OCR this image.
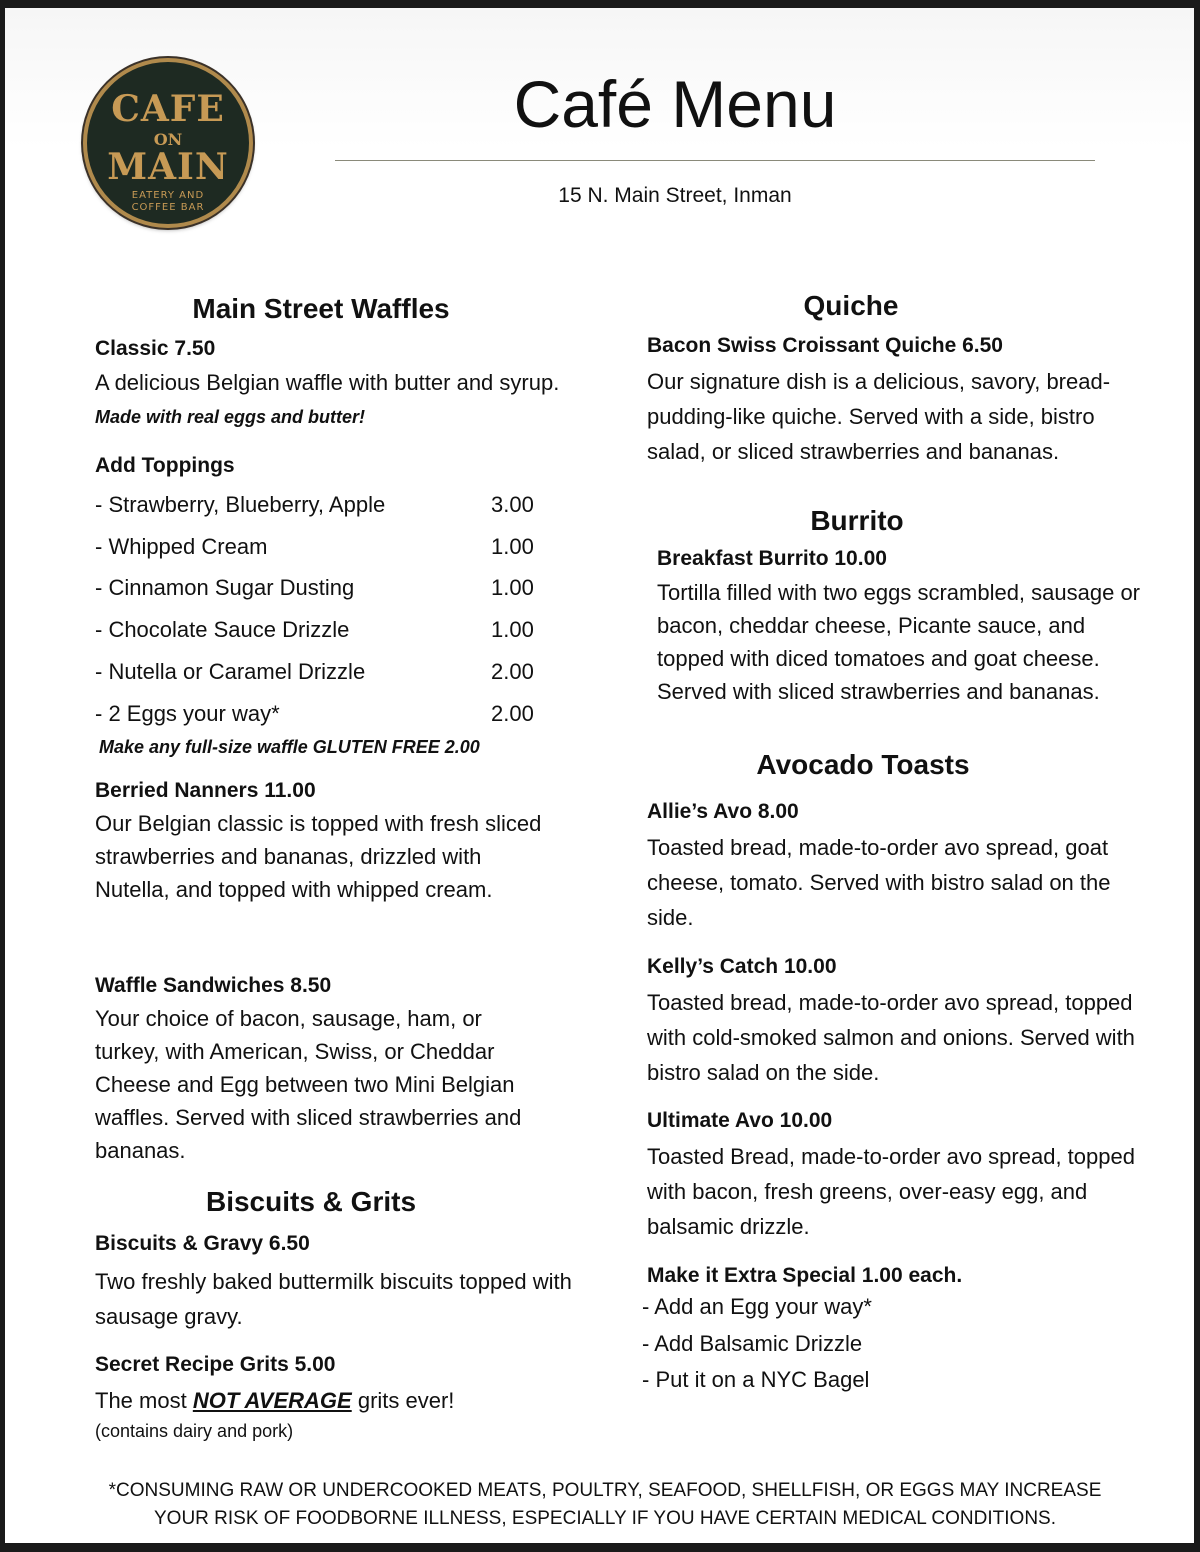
CAFE
ON
MAIN
EATERY AND
COFFEE BAR
Café Menu
15 N. Main Street, Inman
Main Street Waffles
Classic 7.50
A delicious Belgian waffle with butter and syrup. Made with real eggs and butter!
Add Toppings
- Strawberry, Blueberry, Apple	3.00
- Whipped Cream	1.00
- Cinnamon Sugar Dusting	1.00
- Chocolate Sauce Drizzle	1.00
- Nutella or Caramel Drizzle	2.00
- 2 Eggs your way*	2.00
Make any full-size waffle GLUTEN FREE 2.00
Berried Nanners 11.00
Our Belgian classic is topped with fresh sliced strawberries and bananas, drizzled with Nutella, and topped with whipped cream.
Waffle Sandwiches 8.50
Your choice of bacon, sausage, ham, or turkey, with American, Swiss, or Cheddar Cheese and Egg between two Mini Belgian waffles. Served with sliced strawberries and bananas.
Biscuits & Grits
Biscuits & Gravy 6.50
Two freshly baked buttermilk biscuits topped with sausage gravy.
Secret Recipe Grits 5.00
The most NOT AVERAGE grits ever!
(contains dairy and pork)
Quiche
Bacon Swiss Croissant Quiche 6.50
Our signature dish is a delicious, savory, bread-pudding-like quiche. Served with a side, bistro salad, or sliced strawberries and bananas.
Burrito
Breakfast Burrito 10.00
Tortilla filled with two eggs scrambled, sausage or bacon, cheddar cheese, Picante sauce, and topped with diced tomatoes and goat cheese. Served with sliced strawberries and bananas.
Avocado Toasts
Allie’s Avo 8.00
Toasted bread, made-to-order avo spread, goat cheese, tomato. Served with bistro salad on the side.
Kelly’s Catch 10.00
Toasted bread, made-to-order avo spread, topped with cold-smoked salmon and onions. Served with bistro salad on the side.
Ultimate Avo 10.00
Toasted Bread, made-to-order avo spread, topped with bacon, fresh greens, over-easy egg, and balsamic drizzle.
Make it Extra Special 1.00 each.
- Add an Egg your way*
- Add Balsamic Drizzle
- Put it on a NYC Bagel
*CONSUMING RAW OR UNDERCOOKED MEATS, POULTRY, SEAFOOD, SHELLFISH, OR EGGS MAY INCREASE
YOUR RISK OF FOODBORNE ILLNESS, ESPECIALLY IF YOU HAVE CERTAIN MEDICAL CONDITIONS.
